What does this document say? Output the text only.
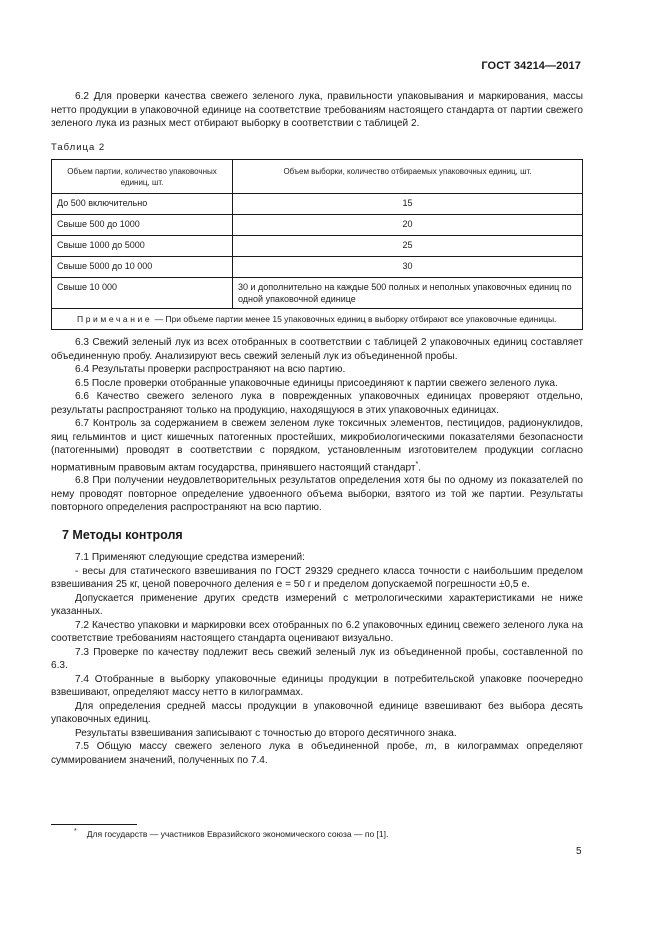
ГОСТ 34214—2017

6.2 Для проверки качества свежего зеленого лука, правильности упаковывания и маркирования, массы нетто продукции в упаковочной единице на соответствие требованиям настоящего стандарта от партии свежего зеленого лука из разных мест отбирают выборку в соответствии с таблицей 2.

Таблица 2

Объем партии, количество упаковочных единиц, шт.	Объем выборки, количество отбираемых упаковочных единиц, шт.
До 500 включительно	15
Свыше 500 до 1000	20
Свыше 1000 до 5000	25
Свыше 5000 до 10 000	30
Свыше 10 000	30 и дополнительно на каждые 500 полных и неполных упаковочных единиц по одной упаковочной единице
Примечание — При объеме партии менее 15 упаковочных единиц в выборку отбирают все упаковочные единицы.	

6.3 Свежий зеленый лук из всех отобранных в соответствии с таблицей 2 упаковочных единиц составляет объединенную пробу. Анализируют весь свежий зеленый лук из объединенной пробы.

6.4 Результаты проверки распространяют на всю партию.

6.5 После проверки отобранные упаковочные единицы присоединяют к партии свежего зеленого лука.

6.6 Качество свежего зеленого лука в поврежденных упаковочных единицах проверяют отдельно, результаты распространяют только на продукцию, находящуюся в этих упаковочных единицах.

6.7 Контроль за содержанием в свежем зеленом луке токсичных элементов, пестицидов, радионуклидов, яиц гельминтов и цист кишечных патогенных простейших, микробиологическими показателями безопасности (патогенными) проводят в соответствии с порядком, установленным изготовителем продукции согласно нормативным правовым актам государства, принявшего настоящий стандарт*.

6.8 При получении неудовлетворительных результатов определения хотя бы по одному из показателей по нему проводят повторное определение удвоенного объема выборки, взятого из той же партии. Результаты повторного определения распространяют на всю партию.

7 Методы контроля

7.1 Применяют следующие средства измерений:

- весы для статического взвешивания по ГОСТ 29329 среднего класса точности с наибольшим пределом взвешивания 25 кг, ценой поверочного деления e = 50 г и пределом допускаемой погрешности ±0,5 e.

Допускается применение других средств измерений с метрологическими характеристиками не ниже указанных.

7.2 Качество упаковки и маркировки всех отобранных по 6.2 упаковочных единиц свежего зеленого лука на соответствие требованиям настоящего стандарта оценивают визуально.

7.3 Проверке по качеству подлежит весь свежий зеленый лук из объединенной пробы, составленной по 6.3.

7.4 Отобранные в выборку упаковочные единицы продукции в потребительской упаковке поочередно взвешивают, определяют массу нетто в килограммах.

Для определения средней массы продукции в упаковочной единице взвешивают без выбора десять упаковочных единиц.

Результаты взвешивания записывают с точностью до второго десятичного знака.

7.5 Общую массу свежего зеленого лука в объединенной пробе, m, в килограммах определяют суммированием значений, полученных по 7.4.

* Для государств — участников Евразийского экономического союза — по [1].
5
